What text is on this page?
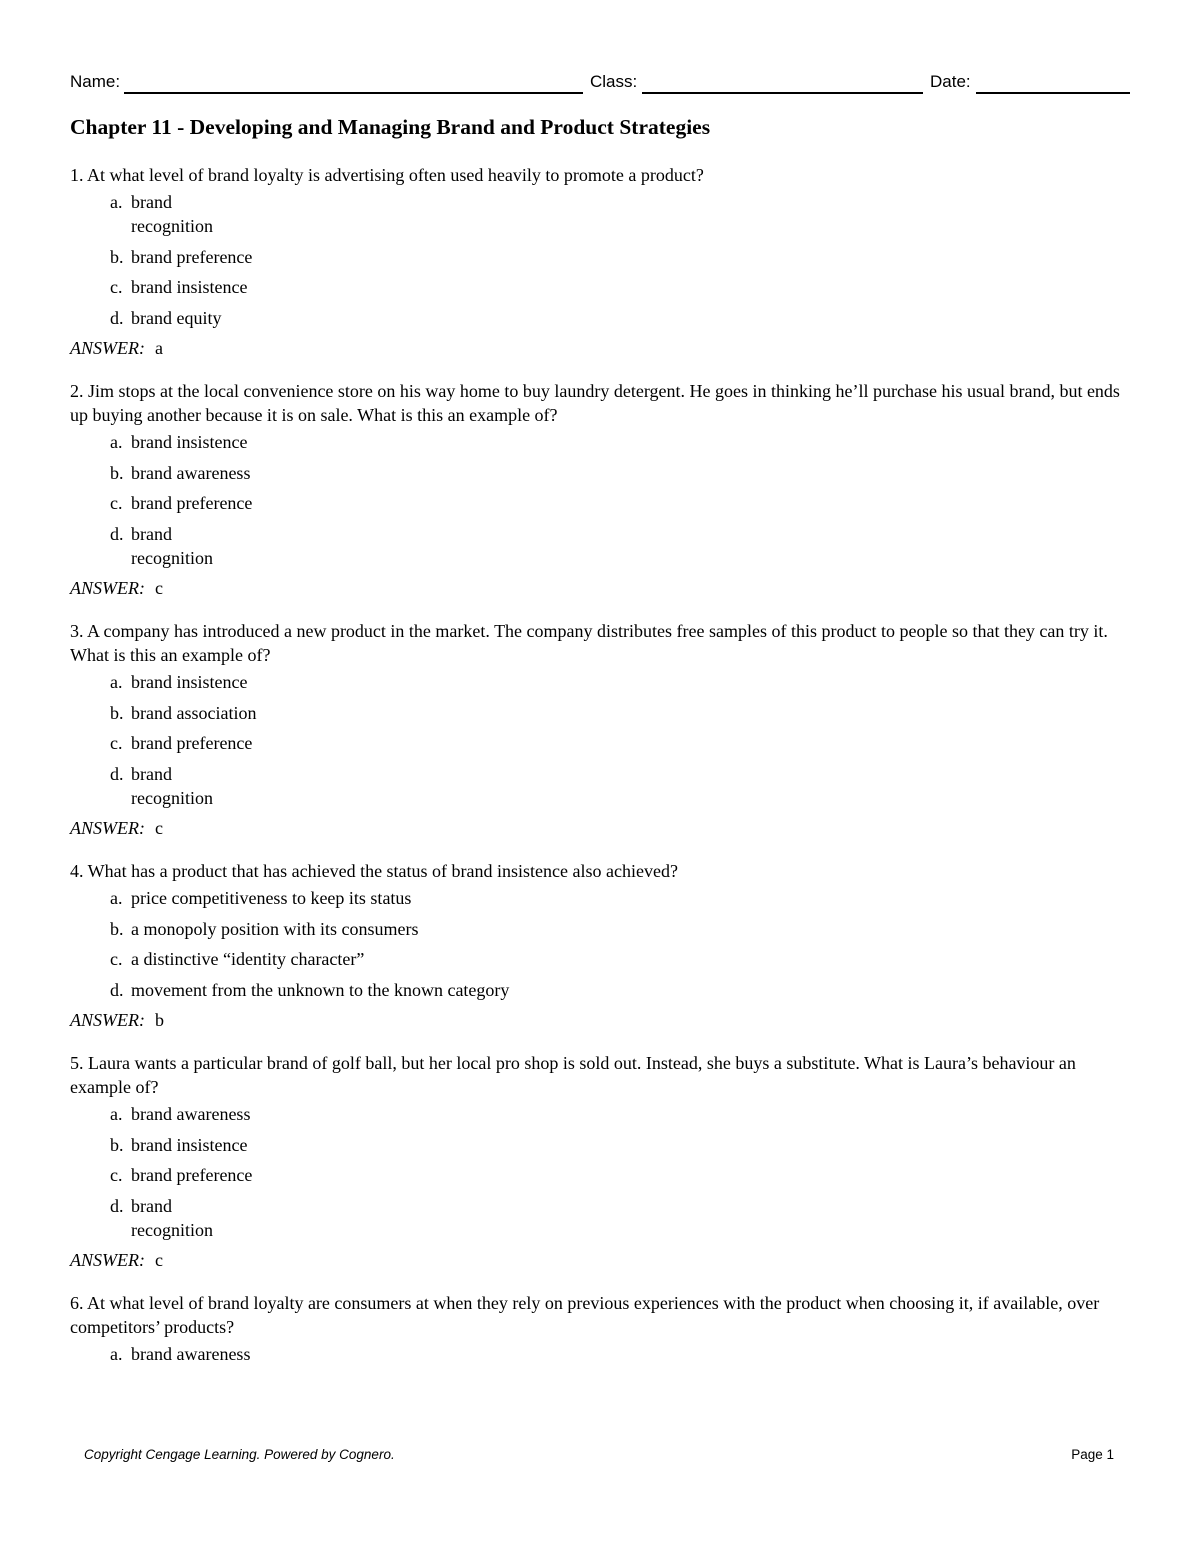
Name:	Class:	Date:
Chapter 11 - Developing and Managing Brand and Product Strategies
1. At what level of brand loyalty is advertising often used heavily to promote a product?
a. brand recognition
b. brand preference
c. brand insistence
d. brand equity
ANSWER: a
2. Jim stops at the local convenience store on his way home to buy laundry detergent. He goes in thinking he’ll purchase his usual brand, but ends up buying another because it is on sale. What is this an example of?
a. brand insistence
b. brand awareness
c. brand preference
d. brand recognition
ANSWER: c
3. A company has introduced a new product in the market. The company distributes free samples of this product to people so that they can try it. What is this an example of?
a. brand insistence
b. brand association
c. brand preference
d. brand recognition
ANSWER: c
4. What has a product that has achieved the status of brand insistence also achieved?
a. price competitiveness to keep its status
b. a monopoly position with its consumers
c. a distinctive “identity character”
d. movement from the unknown to the known category
ANSWER: b
5. Laura wants a particular brand of golf ball, but her local pro shop is sold out. Instead, she buys a substitute. What is Laura’s behaviour an example of?
a. brand awareness
b. brand insistence
c. brand preference
d. brand recognition
ANSWER: c
6. At what level of brand loyalty are consumers at when they rely on previous experiences with the product when choosing it, if available, over competitors’ products?
a. brand awareness
Copyright Cengage Learning. Powered by Cognero.	Page 1
